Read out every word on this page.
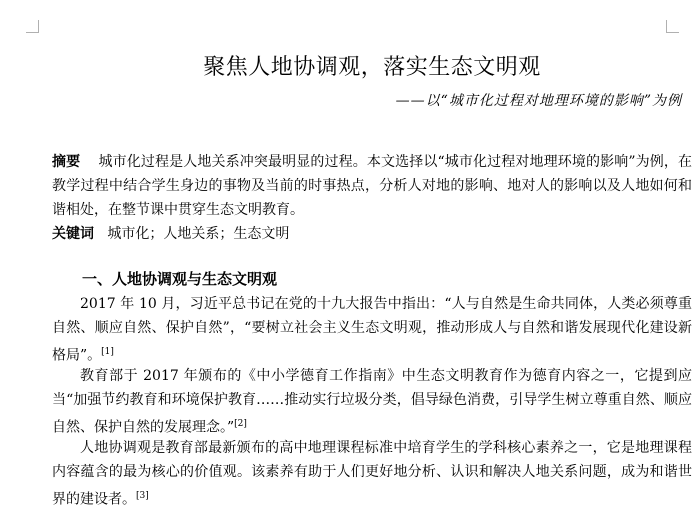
聚焦人地协调观，落实生态文明观
——以“城市化过程对地理环境的影响”为例
摘要 城市化过程是人地关系冲突最明显的过程。本文选择以“城市化过程对地理环境的影响”为例，在教学过程中结合学生身边的事物及当前的时事热点，分析人对地的影响、地对人的影响以及人地如何和谐相处，在整节课中贯穿生态文明教育。
关键词 城市化；人地关系；生态文明
一、人地协调观与生态文明观
2017 年 10 月，习近平总书记在党的十九大报告中指出：“人与自然是生命共同体，人类必须尊重自然、顺应自然、保护自然”，“要树立社会主义生态文明观，推动形成人与自然和谐发展现代化建设新格局”。[1]
教育部于 2017 年颁布的《中小学德育工作指南》中生态文明教育作为德育内容之一，它提到应当“加强节约教育和环境保护教育……推动实行垃圾分类，倡导绿色消费，引导学生树立尊重自然、顺应自然、保护自然的发展理念。”[2]
人地协调观是教育部最新颁布的高中地理课程标准中培育学生的学科核心素养之一，它是地理课程内容蕴含的最为核心的价值观。该素养有助于人们更好地分析、认识和解决人地关系问题，成为和谐世界的建设者。[3]
